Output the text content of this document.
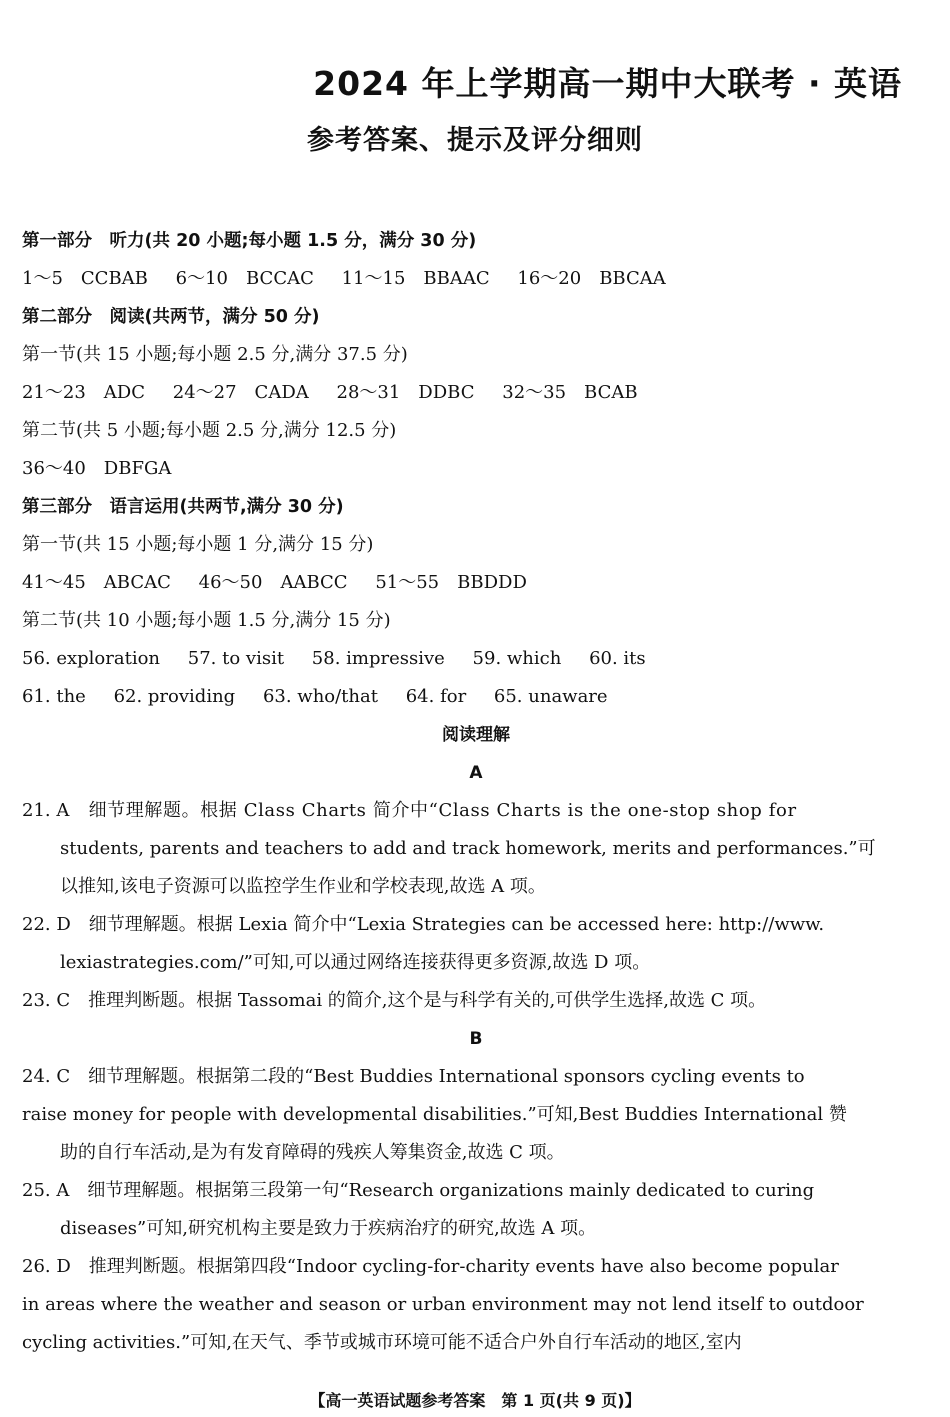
2024 年上学期高一期中大联考 · 英语
参考答案、提示及评分细则
第一部分　听力(共 20 小题;每小题 1.5 分，满分 30 分)
1～5　CCBAB 6～10　BCCAC 11～15　BBAAC 16～20　BBCAA
第二部分　阅读(共两节，满分 50 分)
第一节(共 15 小题;每小题 2.5 分,满分 37.5 分)
21～23　ADC 24～27　CADA 28～31　DDBC 32～35　BCAB
第二节(共 5 小题;每小题 2.5 分,满分 12.5 分)
36～40　DBFGA
第三部分　语言运用(共两节,满分 30 分)
第一节(共 15 小题;每小题 1 分,满分 15 分)
41～45　ABCAC 46～50　AABCC 51～55　BBDDD
第二节(共 10 小题;每小题 1.5 分,满分 15 分)
56. exploration 57. to visit 58. impressive 59. which 60. its
61. the 62. providing 63. who/that 64. for 65. unaware
阅读理解
A
21. A　细节理解题。根据 Class Charts 简介中“Class Charts is the one-stop shop for
students, parents and teachers to add and track homework, merits and performances.”可
以推知,该电子资源可以监控学生作业和学校表现,故选 A 项。
22. D　细节理解题。根据 Lexia 简介中“Lexia Strategies can be accessed here: http://www.
lexiastrategies.com/”可知,可以通过网络连接获得更多资源,故选 D 项。
23. C　推理判断题。根据 Tassomai 的简介,这个是与科学有关的,可供学生选择,故选 C 项。
B
24. C　细节理解题。根据第二段的“Best Buddies International sponsors cycling events to
raise money for people with developmental disabilities.”可知,Best Buddies International 赞
助的自行车活动,是为有发育障碍的残疾人筹集资金,故选 C 项。
25. A　细节理解题。根据第三段第一句“Research organizations mainly dedicated to curing
diseases”可知,研究机构主要是致力于疾病治疗的研究,故选 A 项。
26. D　推理判断题。根据第四段“Indoor cycling-for-charity events have also become popular
in areas where the weather and season or urban environment may not lend itself to outdoor
cycling activities.”可知,在天气、季节或城市环境可能不适合户外自行车活动的地区,室内
【高一英语试题参考答案　第 1 页(共 9 页)】
